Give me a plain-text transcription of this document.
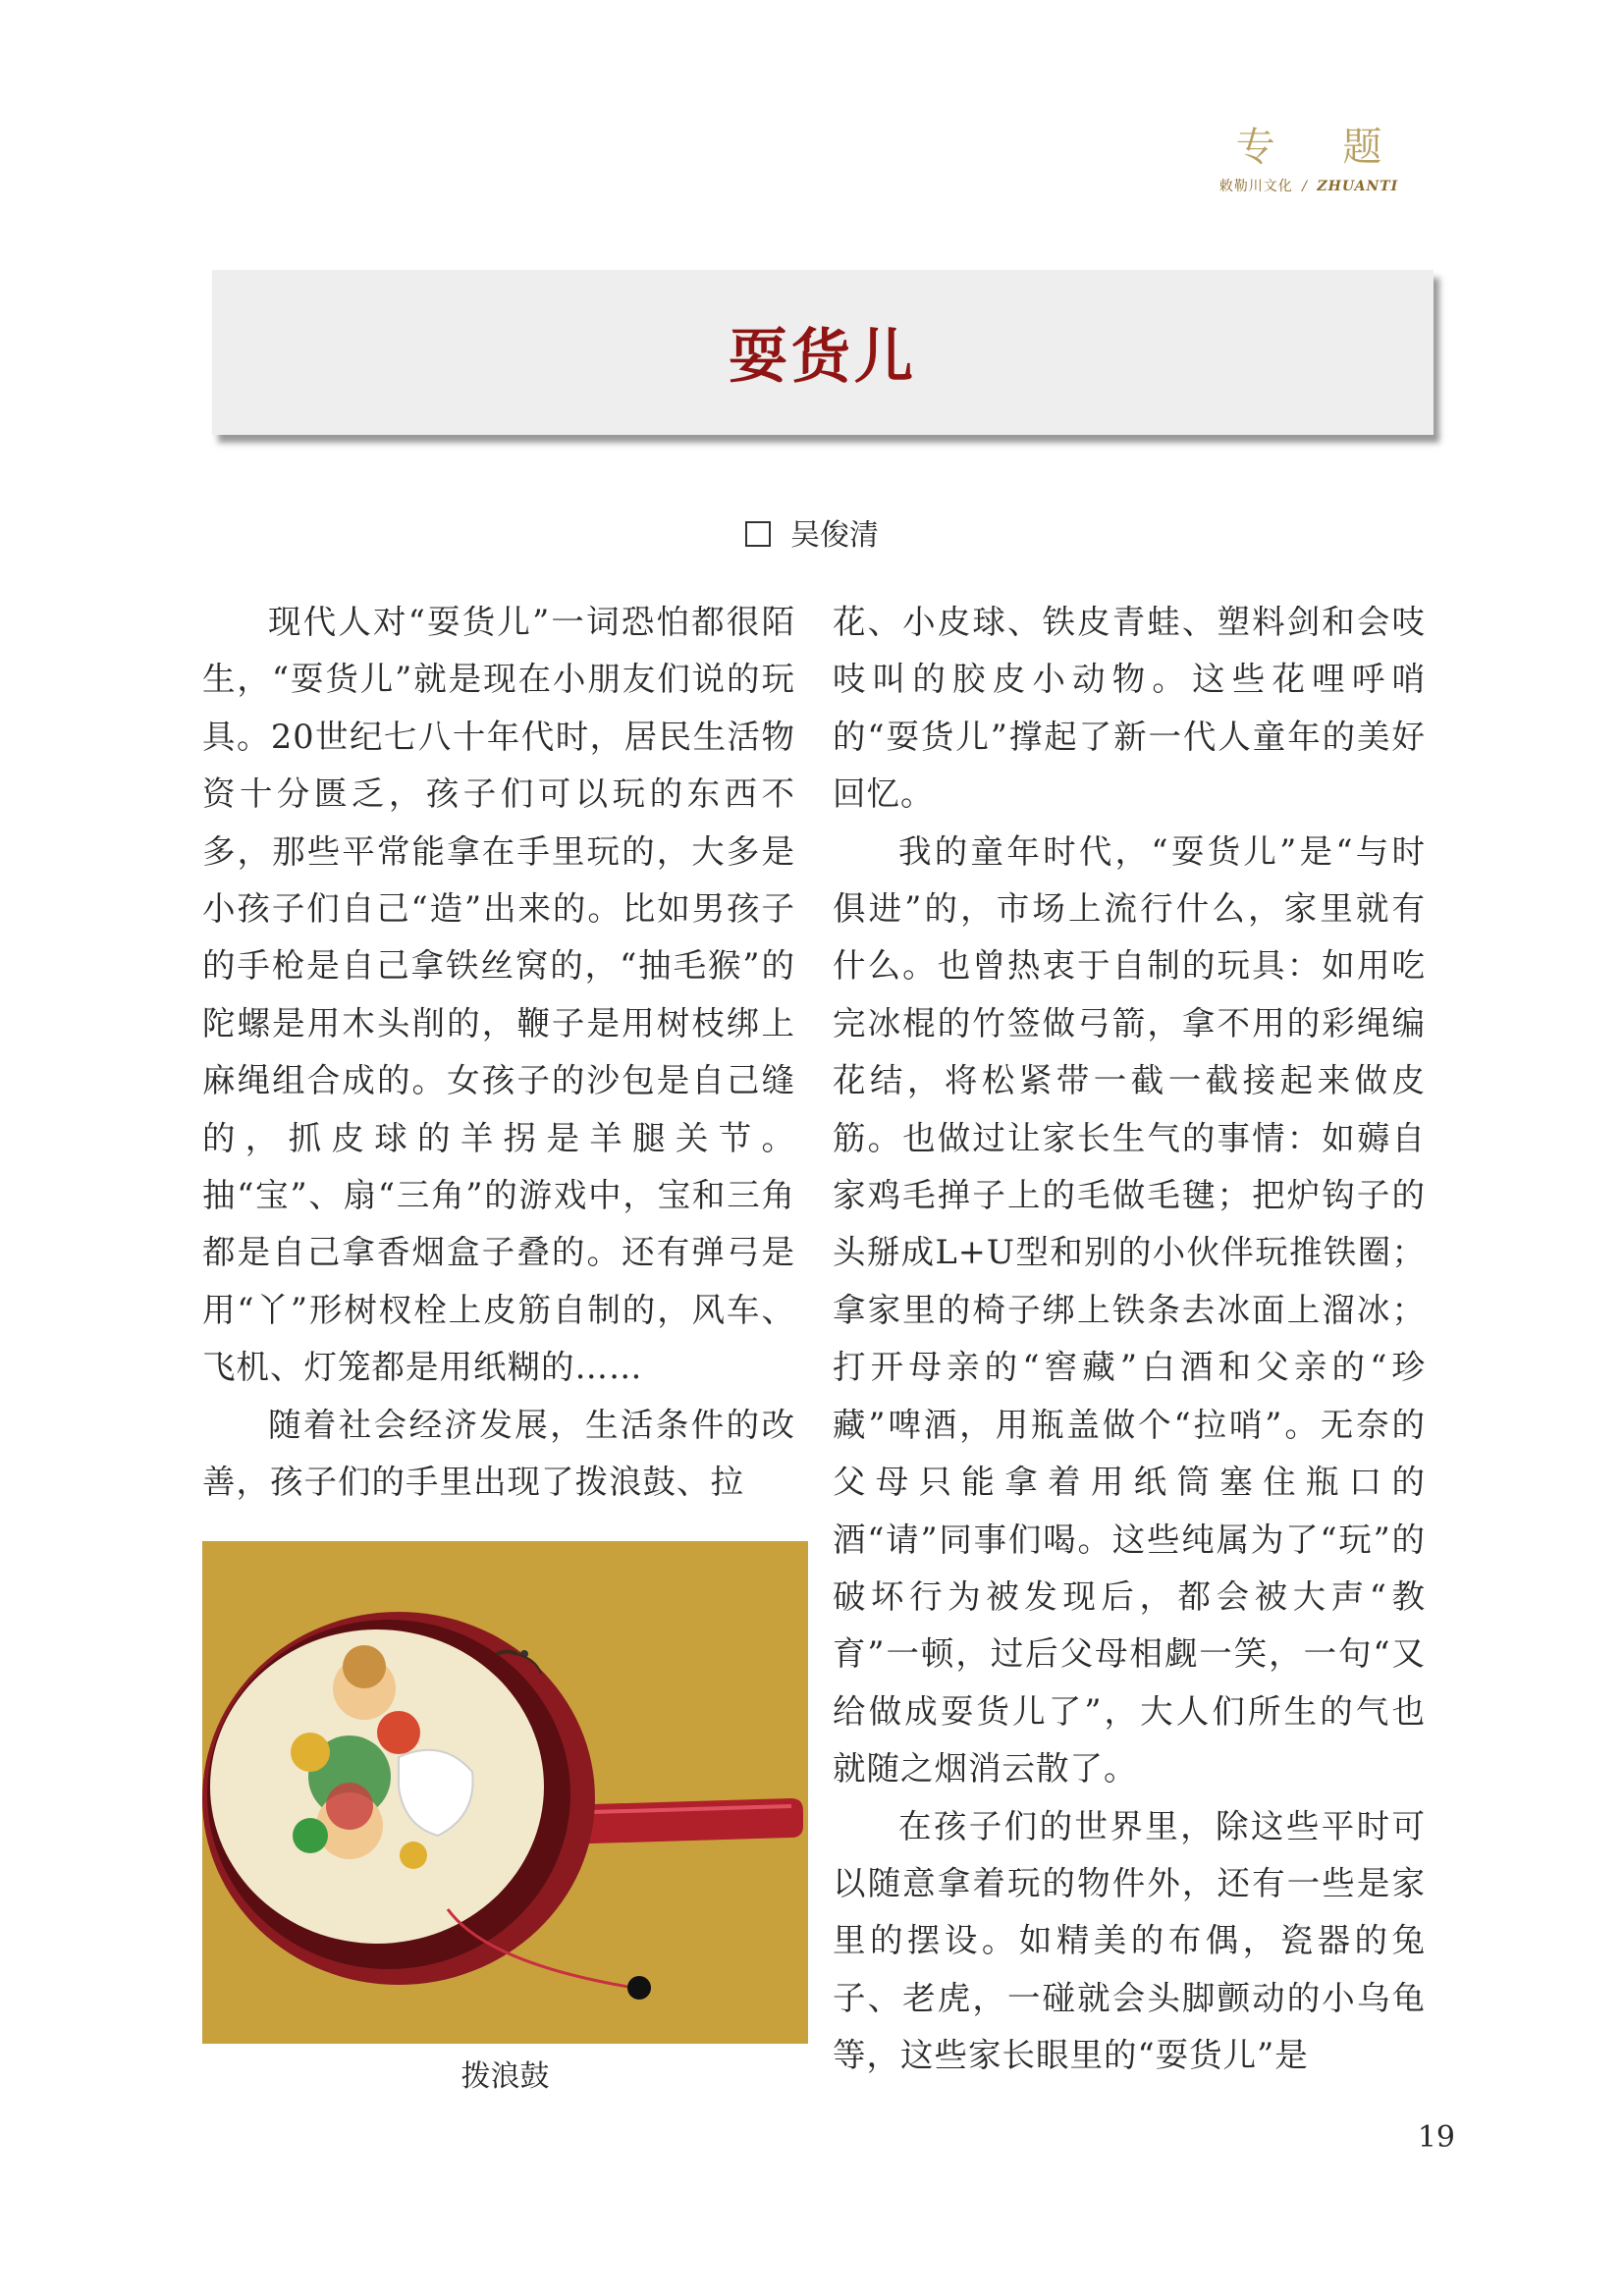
专 题
敕勒川文化 / ZHUANTI
耍货儿
吴俊清

现代人对“耍货儿”一词恐怕都很陌生，“耍货儿”就是现在小朋友们说的玩具。20世纪七八十年代时，居民生活物资十分匮乏，孩子们可以玩的东西不多，那些平常能拿在手里玩的，大多是小孩子们自己“造”出来的。比如男孩子的手枪是自己拿铁丝窝的，“抽毛猴”的陀螺是用木头削的，鞭子是用树枝绑上麻绳组合成的。女孩子的沙包是自己缝的，抓皮球的羊拐是羊腿关节。抽“宝”、扇“三角”的游戏中，宝和三角都是自己拿香烟盒子叠的。还有弹弓是用“丫”形树杈栓上皮筋自制的，风车、飞机、灯笼都是用纸糊的……

随着社会经济发展，生活条件的改善，孩子们的手里出现了拨浪鼓、拉

拨浪鼓

花、小皮球、铁皮青蛙、塑料剑和会吱吱叫的胶皮小动物。这些花哩呼哨的“耍货儿”撑起了新一代人童年的美好回忆。

我的童年时代，“耍货儿”是“与时俱进”的，市场上流行什么，家里就有什么。也曾热衷于自制的玩具：如用吃完冰棍的竹签做弓箭，拿不用的彩绳编花结，将松紧带一截一截接起来做皮筋。也做过让家长生气的事情：如薅自家鸡毛掸子上的毛做毛毽；把炉钩子的头掰成L+U型和别的小伙伴玩推铁圈；拿家里的椅子绑上铁条去冰面上溜冰；打开母亲的“窖藏”白酒和父亲的“珍藏”啤酒，用瓶盖做个“拉哨”。无奈的父母只能拿着用纸筒塞住瓶口的酒“请”同事们喝。这些纯属为了“玩”的破坏行为被发现后，都会被大声“教育”一顿，过后父母相觑一笑，一句“又给做成耍货儿了”，大人们所生的气也就随之烟消云散了。

在孩子们的世界里，除这些平时可以随意拿着玩的物件外，还有一些是家里的摆设。如精美的布偶，瓷器的兔子、老虎，一碰就会头脚颤动的小乌龟等，这些家长眼里的“耍货儿”是

19
